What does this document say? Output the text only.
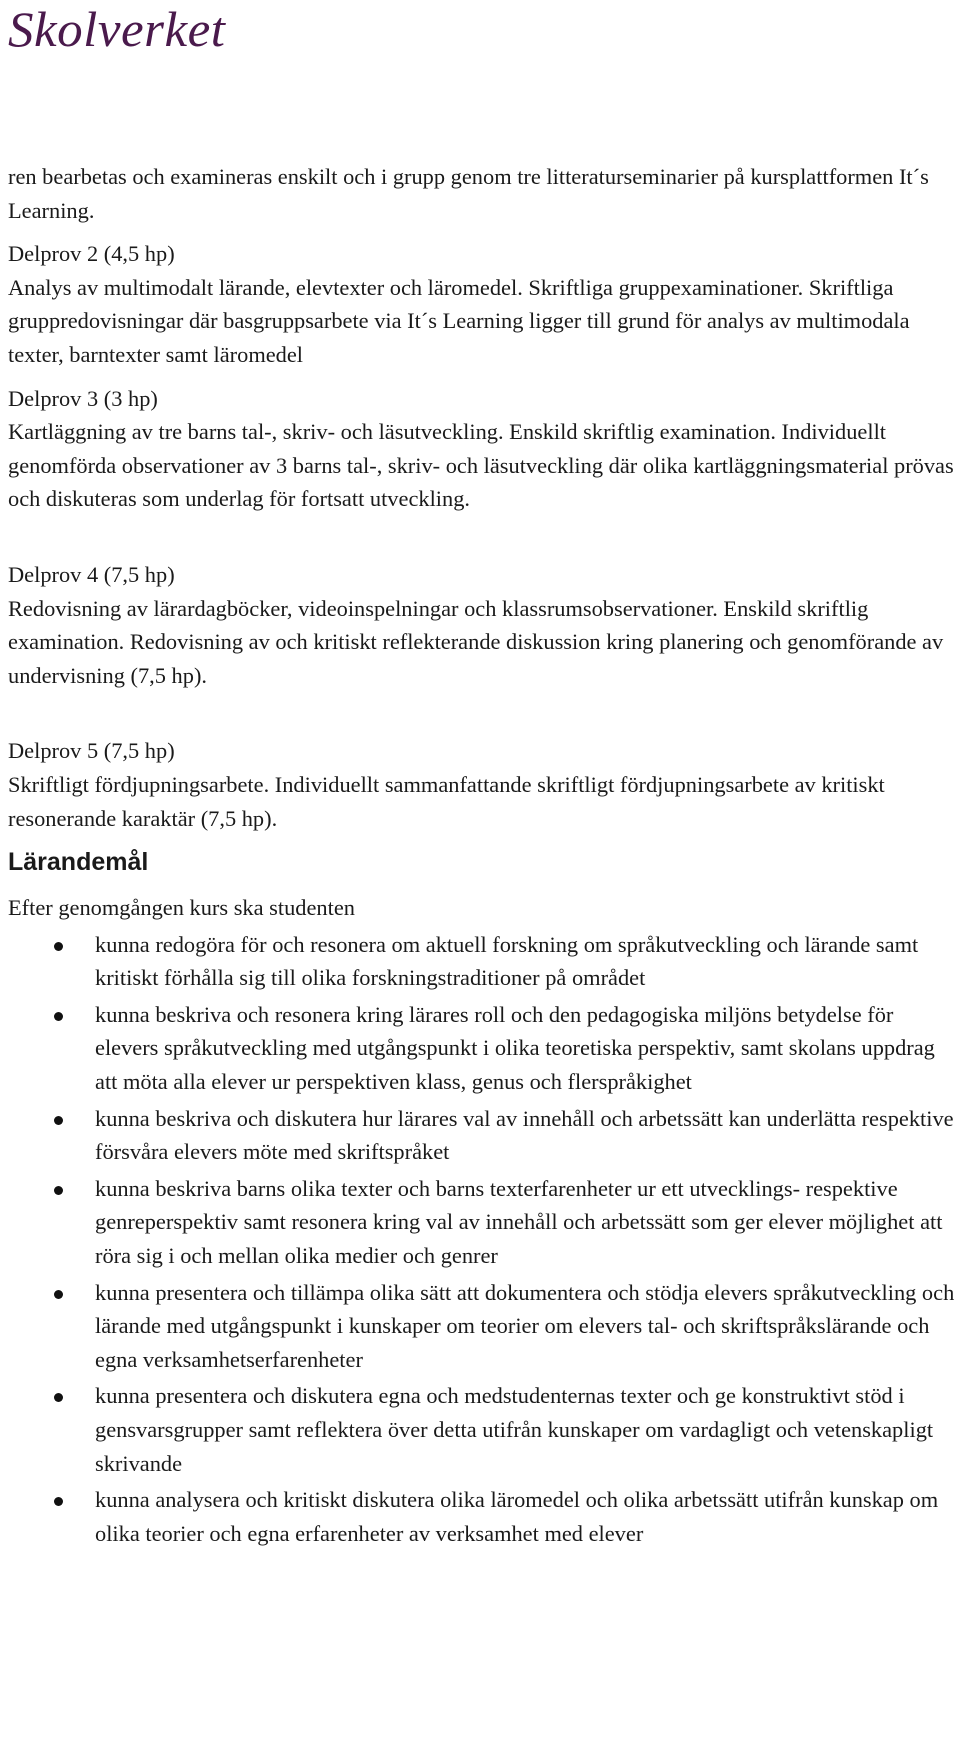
Skolverket

ren bearbetas och examineras enskilt och i grupp genom tre litteraturseminarier på kursplattformen It´s Learning.

Delprov 2 (4,5 hp)

Analys av multimodalt lärande, elevtexter och läromedel. Skriftliga gruppexaminationer. Skriftliga gruppredovisningar där basgruppsarbete via It´s Learning ligger till grund för analys av multimodala texter, barntexter samt läromedel

Delprov 3 (3 hp)

Kartläggning av tre barns tal-, skriv- och läsutveckling. Enskild skriftlig examination. Individuellt genomförda observationer av 3 barns tal-, skriv- och läsutveckling där olika kartläggningsmaterial prövas och diskuteras som underlag för fortsatt utveckling.

Delprov 4 (7,5 hp)

Redovisning av lärardagböcker, videoinspelningar och klassrumsobservationer. Enskild skriftlig examination. Redovisning av och kritiskt reflekterande diskussion kring planering och genomförande av undervisning (7,5 hp).

Delprov 5 (7,5 hp)

Skriftligt fördjupningsarbete. Individuellt sammanfattande skriftligt fördjupningsarbete av kritiskt resonerande karaktär (7,5 hp).

Lärandemål

Efter genomgången kurs ska studenten

kunna redogöra för och resonera om aktuell forskning om språkutveckling och lärande samt kritiskt förhålla sig till olika forskningstraditioner på området
kunna beskriva och resonera kring lärares roll och den pedagogiska miljöns betydelse för elevers språkutveckling med utgångspunkt i olika teoretiska perspektiv, samt skolans uppdrag att möta alla elever ur perspektiven klass, genus och flerspråkighet
kunna beskriva och diskutera hur lärares val av innehåll och arbetssätt kan underlätta respektive försvåra elevers möte med skriftspråket
kunna beskriva barns olika texter och barns texterfarenheter ur ett utvecklings- respektive genreperspektiv samt resonera kring val av innehåll och arbetssätt som ger elever möjlighet att röra sig i och mellan olika medier och genrer
kunna presentera och tillämpa olika sätt att dokumentera och stödja elevers språkutveckling och lärande med utgångspunkt i kunskaper om teorier om elevers tal- och skriftspråkslärande och egna verksamhetserfarenheter
kunna presentera och diskutera egna och medstudenternas texter och ge konstruktivt stöd i gensvarsgrupper samt reflektera över detta utifrån kunskaper om vardagligt och vetenskapligt skrivande
kunna analysera och kritiskt diskutera olika läromedel och olika arbetssätt utifrån kunskap om olika teorier och egna erfarenheter av verksamhet med elever
